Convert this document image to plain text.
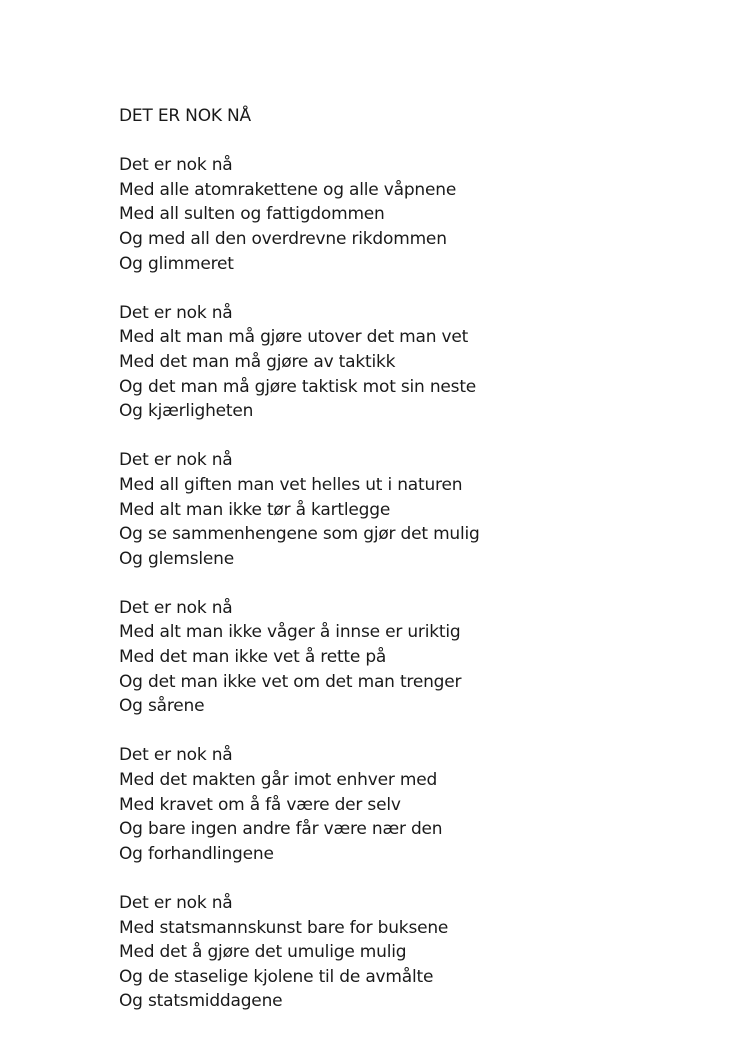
DET ER NOK NÅ
Det er nok nå
Med alle atomrakettene og alle våpnene
Med all sulten og fattigdommen
Og med all den overdrevne rikdommen
Og glimmeret
Det er nok nå
Med alt man må gjøre utover det man vet
Med det man må gjøre av taktikk
Og det man må gjøre taktisk mot sin neste
Og kjærligheten
Det er nok nå
Med all giften man vet helles ut i naturen
Med alt man ikke tør å kartlegge
Og se sammenhengene som gjør det mulig
Og glemslene
Det er nok nå
Med alt man ikke våger å innse er uriktig
Med det man ikke vet å rette på
Og det man ikke vet om det man trenger
Og sårene
Det er nok nå
Med det makten går imot enhver med
Med kravet om å få være der selv
Og bare ingen andre får være nær den
Og forhandlingene
Det er nok nå
Med statsmannskunst bare for buksene
Med det å gjøre det umulige mulig
Og de staselige kjolene til de avmålte
Og statsmiddagene
